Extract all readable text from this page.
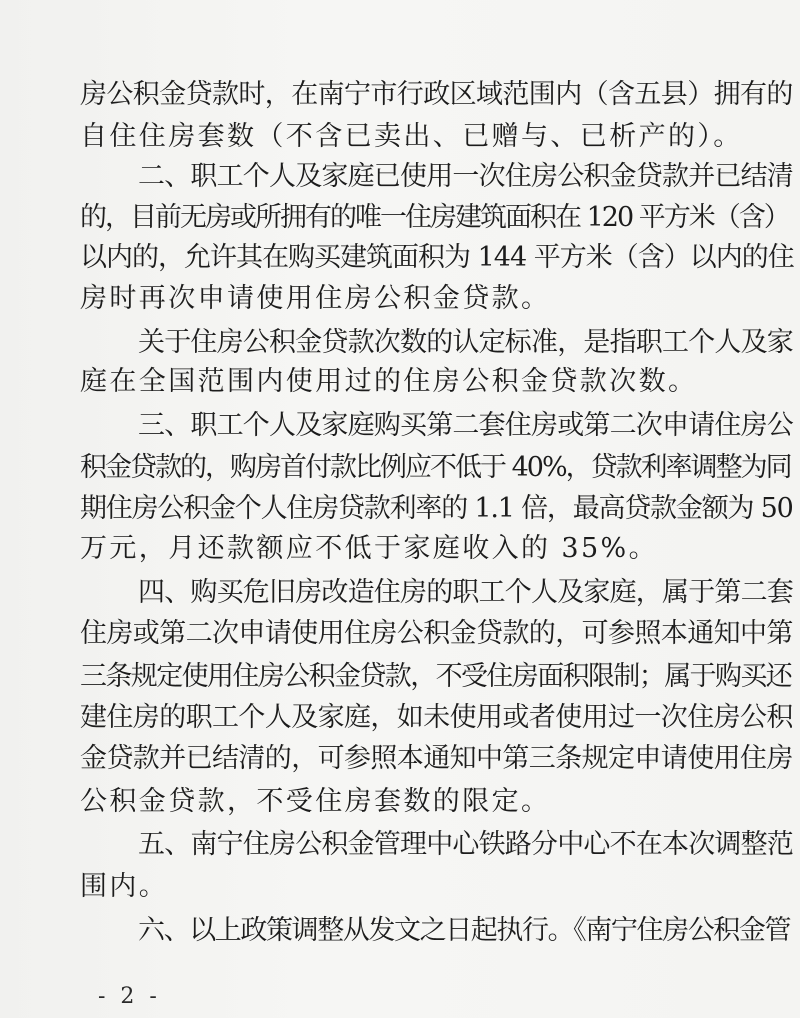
房公积金贷款时，在南宁市行政区域范围内（含五县）拥有的
自住住房套数（不含已卖出、已赠与、已析产的）。
二、职工个人及家庭已使用一次住房公积金贷款并已结清
的，目前无房或所拥有的唯一住房建筑面积在 120 平方米（含）
以内的，允许其在购买建筑面积为 144 平方米（含）以内的住
房时再次申请使用住房公积金贷款。
关于住房公积金贷款次数的认定标准，是指职工个人及家
庭在全国范围内使用过的住房公积金贷款次数。
三、职工个人及家庭购买第二套住房或第二次申请住房公
积金贷款的，购房首付款比例应不低于 40%，贷款利率调整为同
期住房公积金个人住房贷款利率的 1.1 倍，最高贷款金额为 50
万元，月还款额应不低于家庭收入的 35%。
四、购买危旧房改造住房的职工个人及家庭，属于第二套
住房或第二次申请使用住房公积金贷款的，可参照本通知中第
三条规定使用住房公积金贷款，不受住房面积限制；属于购买还
建住房的职工个人及家庭，如未使用或者使用过一次住房公积
金贷款并已结清的，可参照本通知中第三条规定申请使用住房
公积金贷款，不受住房套数的限定。
五、南宁住房公积金管理中心铁路分中心不在本次调整范
围内。
六、以上政策调整从发文之日起执行。《南宁住房公积金管
- 2 -
